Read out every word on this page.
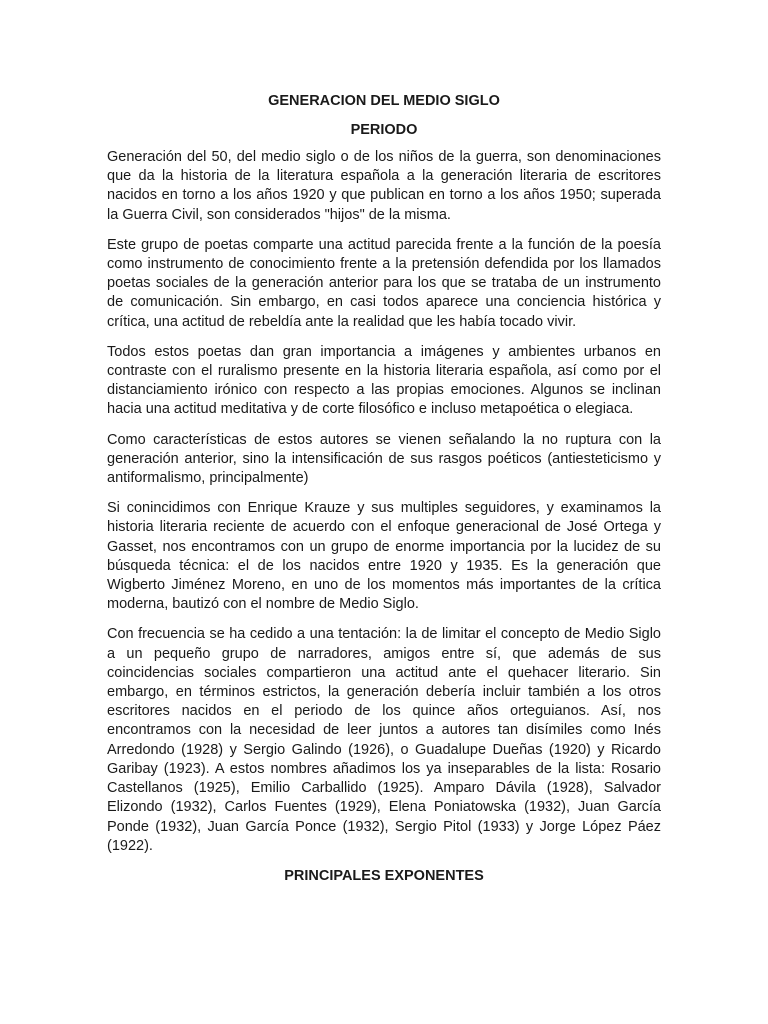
GENERACION DEL MEDIO SIGLO

PERIODO

Generación del 50, del medio siglo o de los niños de la guerra, son denominaciones que da la historia de la literatura española a la generación literaria de escritores nacidos en torno a los años 1920 y que publican en torno a los años 1950; superada la Guerra Civil, son considerados "hijos" de la misma.

Este grupo de poetas comparte una actitud parecida frente a la función de la poesía como instrumento de conocimiento frente a la pretensión defendida por los llamados poetas sociales de la generación anterior para los que se trataba de un instrumento de comunicación. Sin embargo, en casi todos aparece una conciencia histórica y crítica, una actitud de rebeldía ante la realidad que les había tocado vivir.

Todos estos poetas dan gran importancia a imágenes y ambientes urbanos en contraste con el ruralismo presente en la historia literaria española, así como por el distanciamiento irónico con respecto a las propias emociones. Algunos se inclinan hacia una actitud meditativa y de corte filosófico e incluso metapoética o elegiaca.

Como características de estos autores se vienen señalando la no ruptura con la generación anterior, sino la intensificación de sus rasgos poéticos (antiesteticismo y antiformalismo, principalmente)

Si conincidimos con Enrique Krauze y sus multiples seguidores, y examinamos la historia literaria reciente de acuerdo con el enfoque generacional de José Ortega y Gasset, nos encontramos con un grupo de enorme importancia por la lucidez de su búsqueda técnica: el de los nacidos entre 1920 y 1935. Es la generación que Wigberto Jiménez Moreno, en uno de los momentos más importantes de la crítica moderna, bautizó con el nombre de Medio Siglo.

Con frecuencia se ha cedido a una tentación: la de limitar el concepto de Medio Siglo a un pequeño grupo de narradores, amigos entre sí, que además de sus coincidencias sociales compartieron una actitud ante el quehacer literario. Sin embargo, en términos estrictos, la generación debería incluir también a los otros escritores nacidos en el periodo de los quince años orteguianos. Así, nos encontramos con la necesidad de leer juntos a autores tan disímiles como Inés Arredondo (1928) y Sergio Galindo (1926), o Guadalupe Dueñas (1920) y Ricardo Garibay (1923). A estos nombres añadimos los ya inseparables de la lista: Rosario Castellanos (1925), Emilio Carballido (1925). Amparo Dávila (1928), Salvador Elizondo (1932), Carlos Fuentes (1929), Elena Poniatowska (1932), Juan García Ponde (1932), Juan García Ponce (1932), Sergio Pitol (1933) y Jorge López Páez (1922).

PRINCIPALES EXPONENTES
